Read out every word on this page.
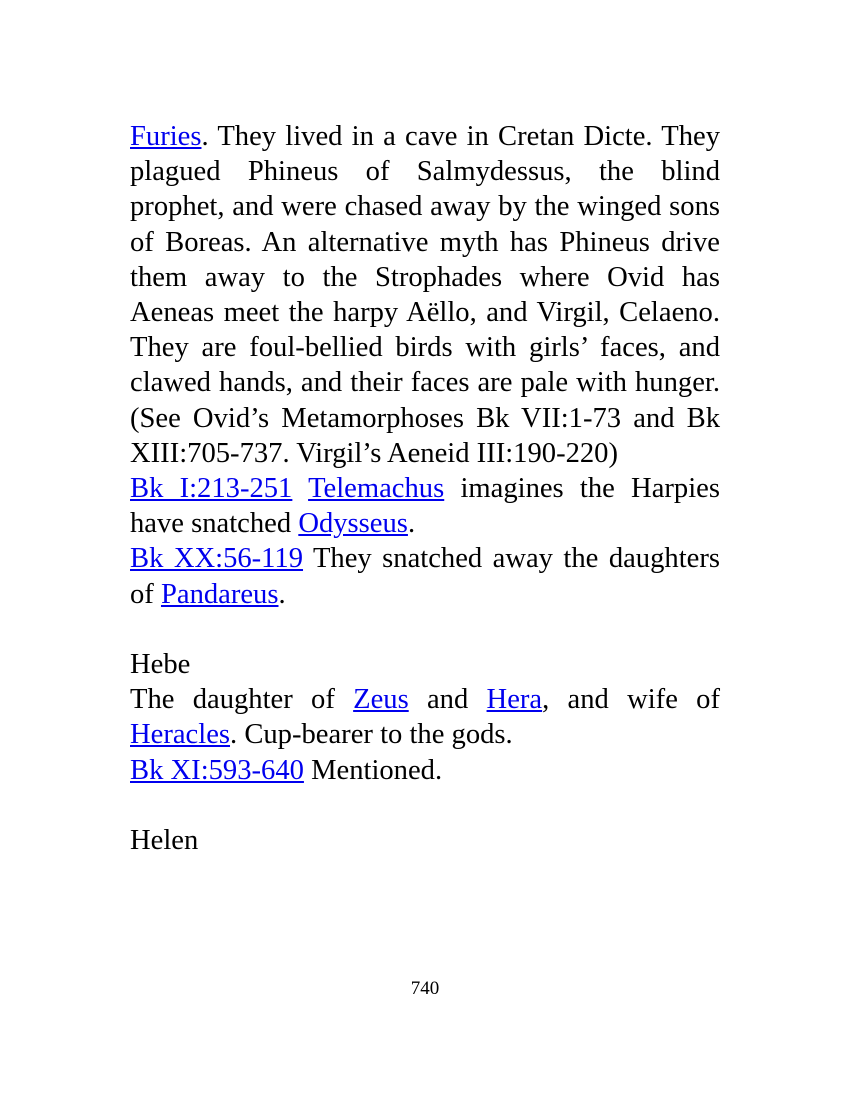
Furies. They lived in a cave in Cretan Dicte. They plagued Phineus of Salmydessus, the blind prophet, and were chased away by the winged sons of Boreas. An alternative myth has Phineus drive them away to the Strophades where Ovid has Aeneas meet the harpy Aëllo, and Virgil, Celaeno. They are foul-bellied birds with girls’ faces, and clawed hands, and their faces are pale with hunger. (See Ovid’s Metamorphoses Bk VII:1-73 and Bk XIII:705-737. Virgil’s Aeneid III:190-220)

Bk I:213-251 Telemachus imagines the Harpies have snatched Odysseus.

Bk XX:56-119 They snatched away the daughters of Pandareus.

Hebe

The daughter of Zeus and Hera, and wife of Heracles. Cup-bearer to the gods.

Bk XI:593-640 Mentioned.

Helen

740
